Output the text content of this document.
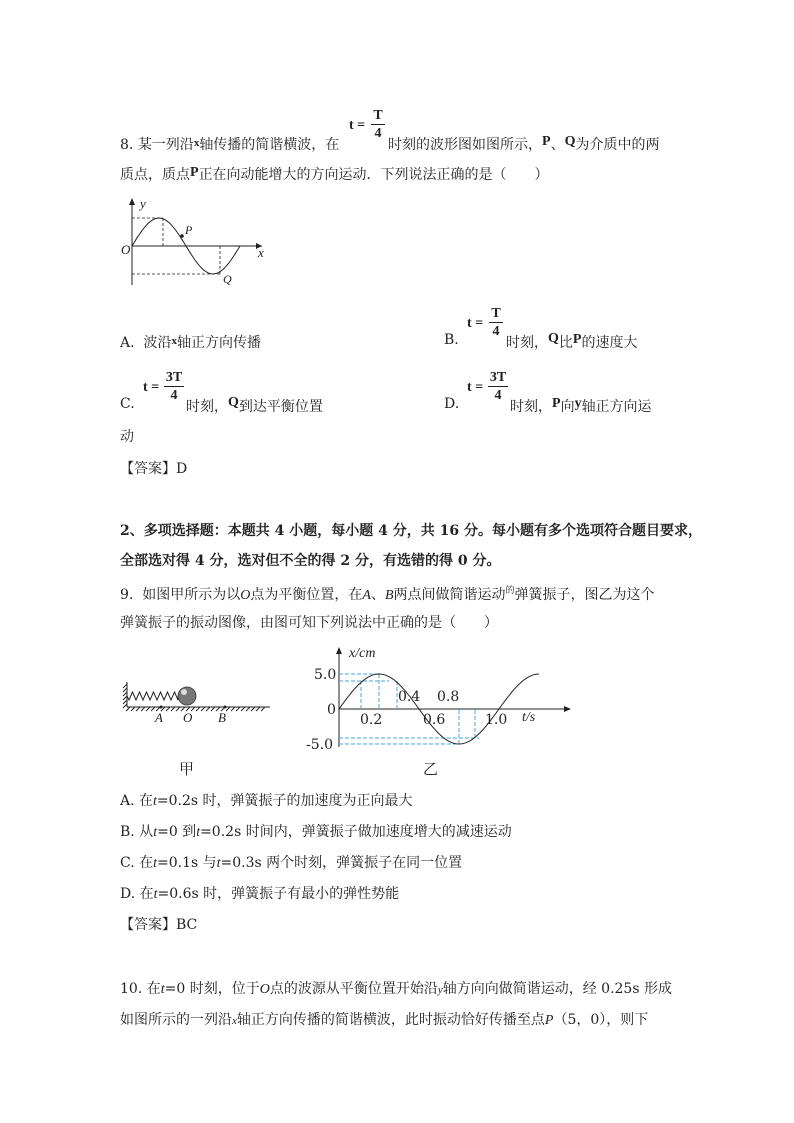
8. 某一列沿$^x$轴传播的简谐横波，在
t =
T
4
时刻的波形图如图所示，P、Q为介质中的两
质点，质点P正在向动能增大的方向运动．下列说法正确的是（　　）
y
O	x
P
Q
A. 波沿$^x$轴正方向传播	B.
t =
T
4
时刻，Q比P的速度大
C.
t =
3T
4
时刻，Q到达平衡位置	D.
t =
3T
4
时刻，P向y轴正方向运
动
【答案】D
2、多项选择题：本题共 4 小题，每小题 4 分，共 16 分。每小题有多个选项符合题目要求，
全部选对得 4 分，选对但不全的得 2 分，有选错的得 0 分。
9. 如图甲所示为以O点为平衡位置，在A、B两点间做简谐运动$^的$弹簧振子，图乙为这个
弹簧振子的振动图像，由图可知下列说法中正确的是（　　）
A O B
甲
x/cm
t/s
5.0
0
-5.0
0.2
0.4
0.6
0.8
1.0
乙
A. 在t=0.2s 时，弹簧振子的加速度为正向最大
B. 从t=0 到t=0.2s 时间内，弹簧振子做加速度增大的减速运动
C. 在t=0.1s 与t=0.3s 两个时刻，弹簧振子在同一位置
D. 在t=0.6s 时，弹簧振子有最小的弹性势能
【答案】BC
10. 在t=0 时刻，位于O点的波源从平衡位置开始沿y轴方向向做简谐运动，经 0.25s 形成
如图所示的一列沿x轴正方向传播的简谐横波，此时振动恰好传播至点P（5，0），则下
